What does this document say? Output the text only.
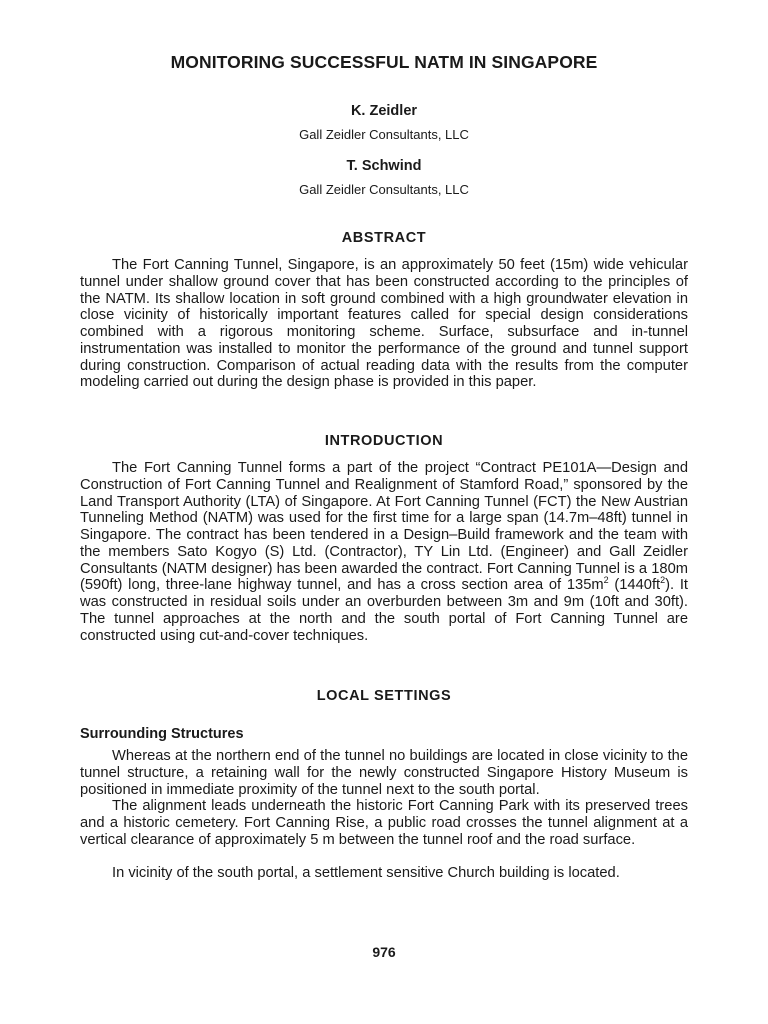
MONITORING SUCCESSFUL NATM IN SINGAPORE
K. Zeidler
Gall Zeidler Consultants, LLC
T. Schwind
Gall Zeidler Consultants, LLC
ABSTRACT

The Fort Canning Tunnel, Singapore, is an approximately 50 feet (15m) wide vehicular tunnel under shallow ground cover that has been constructed according to the principles of the NATM. Its shallow location in soft ground combined with a high groundwater elevation in close vicinity of historically important features called for special design considerations combined with a rigorous monitoring scheme. Surface, subsurface and in-tunnel instrumentation was installed to monitor the performance of the ground and tunnel support during construction. Comparison of actual reading data with the results from the computer modeling carried out during the design phase is provided in this paper.

INTRODUCTION

The Fort Canning Tunnel forms a part of the project “Contract PE101A—Design and Construction of Fort Canning Tunnel and Realignment of Stamford Road,” sponsored by the Land Transport Authority (LTA) of Singapore. At Fort Canning Tunnel (FCT) the New Austrian Tunneling Method (NATM) was used for the first time for a large span (14.7m–48ft) tunnel in Singapore. The contract has been tendered in a Design–Build framework and the team with the members Sato Kogyo (S) Ltd. (Contractor), TY Lin Ltd. (Engineer) and Gall Zeidler Consultants (NATM designer) has been awarded the contract. Fort Canning Tunnel is a 180m (590ft) long, three-lane highway tunnel, and has a cross section area of $135m^2$ $(1440ft^2)$. It was constructed in residual soils under an overburden between 3m and 9m (10ft and 30ft). The tunnel approaches at the north and the south portal of Fort Canning Tunnel are constructed using cut-and-cover techniques.

LOCAL SETTINGS
Surrounding Structures

Whereas at the northern end of the tunnel no buildings are located in close vicinity to the tunnel structure, a retaining wall for the newly constructed Singapore History Museum is positioned in immediate proximity of the tunnel next to the south portal.

The alignment leads underneath the historic Fort Canning Park with its preserved trees and a historic cemetery. Fort Canning Rise, a public road crosses the tunnel alignment at a vertical clearance of approximately 5 m between the tunnel roof and the road surface.

In vicinity of the south portal, a settlement sensitive Church building is located.

976
